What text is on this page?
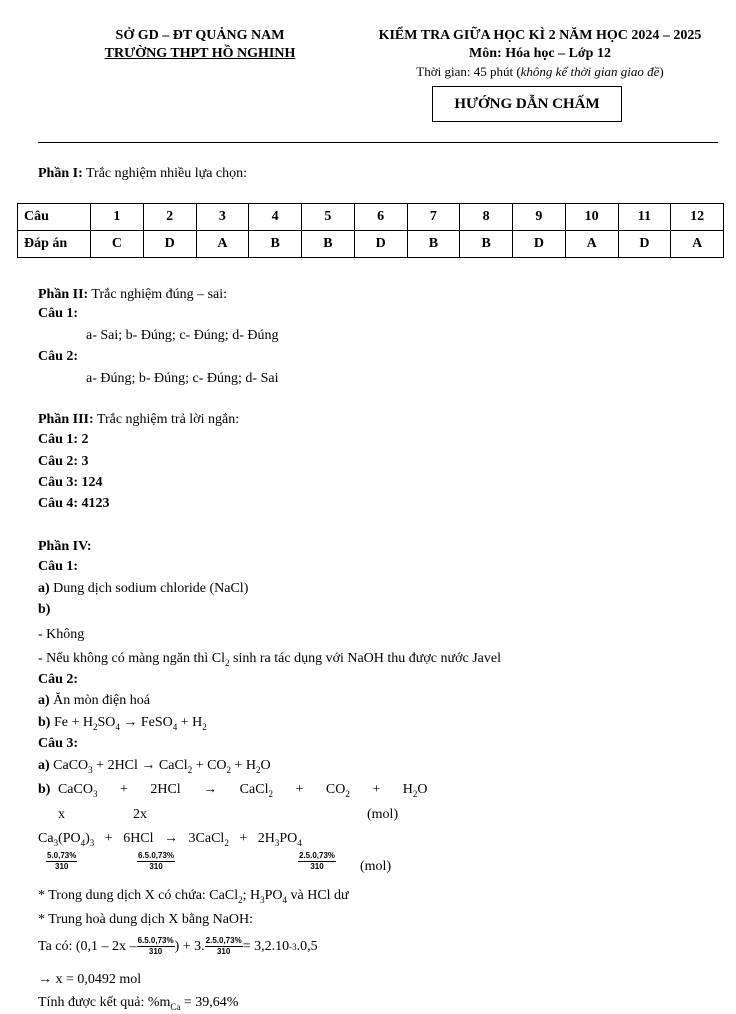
SỞ GD – ĐT QUẢNG NAM
TRƯỜNG THPT HỒ NGHINH
KIỂM TRA GIỮA HỌC KÌ 2 NĂM HỌC 2024 – 2025
Môn: Hóa học – Lớp 12
Thời gian: 45 phút (không kể thời gian giao đề)
HƯỚNG DẪN CHẤM
Phần I: Trắc nghiệm nhiều lựa chọn:
Câu	1	2	3	4	5	6	7	8	9	10	11	12
Đáp án	C	D	A	B	B	D	B	B	D	A	D	A
Phần II: Trắc nghiệm đúng – sai:
Câu 1:
a- Sai; b- Đúng; c- Đúng; d- Đúng
Câu 2:
a- Đúng; b- Đúng; c- Đúng; d- Sai
Phần III: Trắc nghiệm trả lời ngắn:
Câu 1: 2
Câu 2: 3
Câu 3: 124
Câu 4: 4123
Phần IV:
Câu 1:
a) Dung dịch sodium chloride (NaCl)
b)
- Không
- Nếu không có màng ngăn thì $Cl_2$ sinh ra tác dụng với NaOH thu được nước Javel
Câu 2:
a) Ăn mòn điện hoá
b) $Fe + H_2SO_4$ → FeSO$_4$ + $H_2$
Câu 3:
a) CaCO$_3$ + 2HCl → CaCl$_2$ + $CO_2 + H_2O$
b) CaCO$_3$   +   2HCl   →   CaCl$_2$   +   $CO_2 + H_2O$
x	2x	(mol)
$Ca_3(PO_4)_3 + 6HCl$   →   3CaCl$_2$   +   $2H_3PO_4$
$\frac{5.0,73\%}{310}$	$\frac{6.5.0,73\%}{310}$	$\frac{2.5.0,73\%}{310} (mol)$
* Trong dung dịch X có chứa: CaCl$_2$; $H_3PO_4$ và HCl dư
* Trung hoà dung dịch X bằng NaOH:
Ta có: ($0,1 - 2x - \frac{6.5.0,73\%}{310}$ ) + 3. $\frac{2.5.0,73\%}{310} = 3,2.10$ -3 .0,5
→ x = 0,0492 mol
Tính được kết quả: $\%m_{Ca} = 39,64\%$
